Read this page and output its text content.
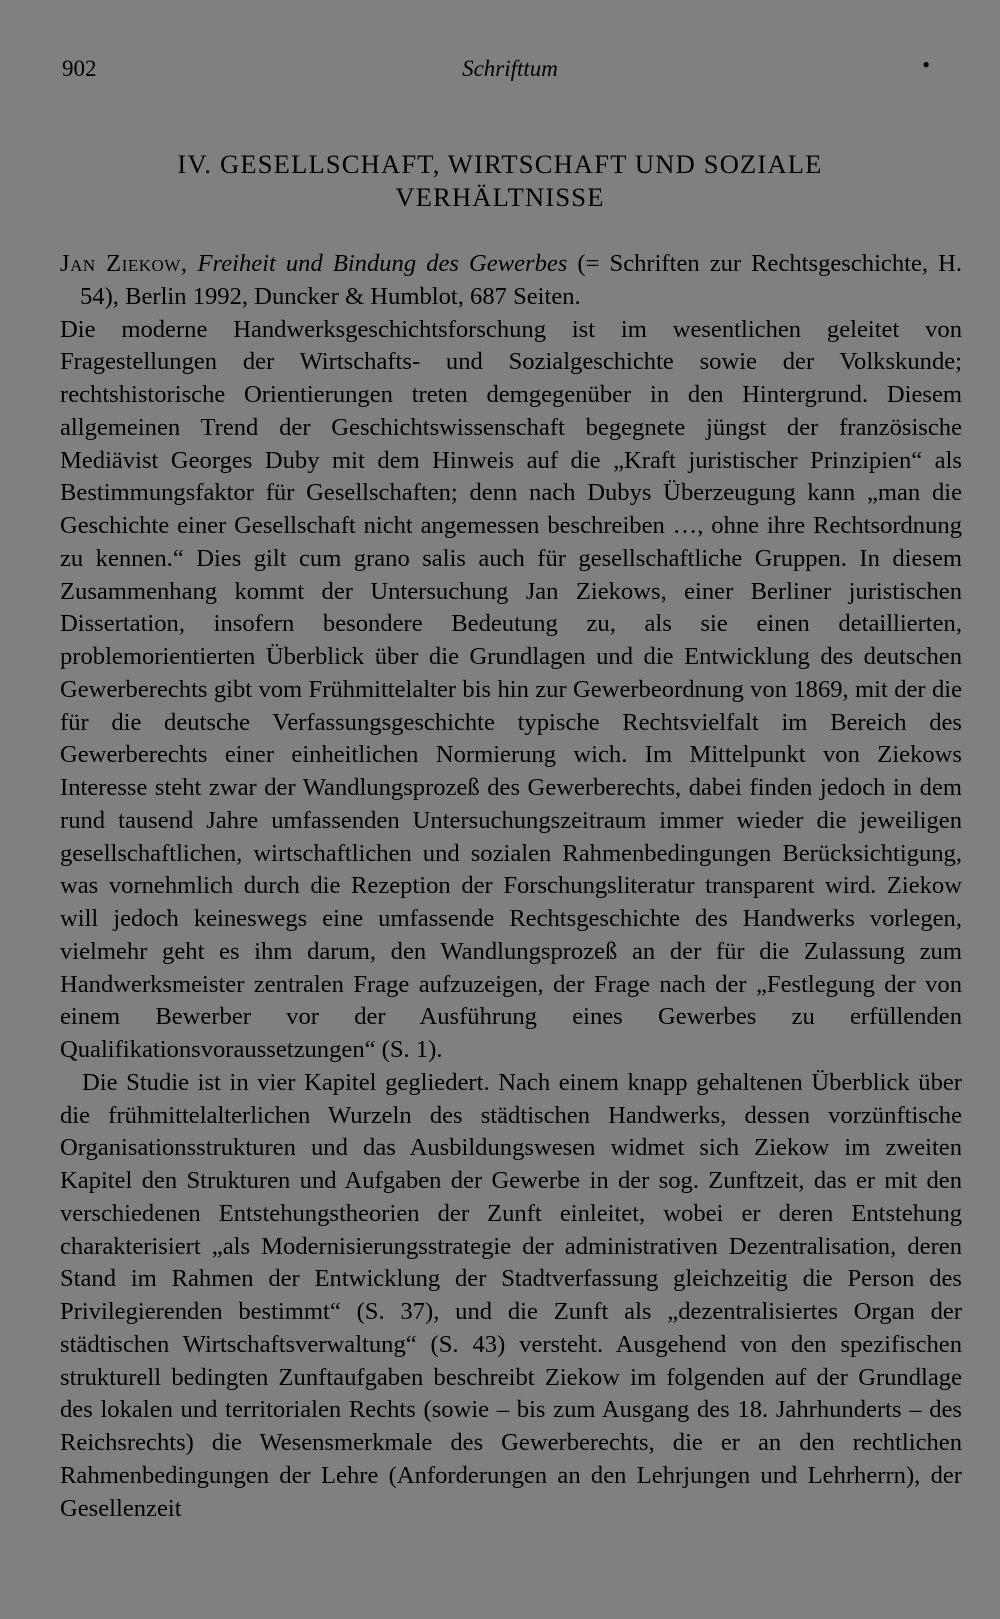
902	Schrifttum	•
IV. GESELLSCHAFT, WIRTSCHAFT UND SOZIALE
VERHÄLTNISSE

Jan Ziekow, Freiheit und Bindung des Gewerbes (= Schriften zur Rechtsgeschichte, H. 54), Berlin 1992, Duncker & Humblot, 687 Seiten.

Die moderne Handwerksgeschichtsforschung ist im wesentlichen geleitet von Fragestellungen der Wirtschafts- und Sozialgeschichte sowie der Volkskunde; rechtshistorische Orientierungen treten demgegenüber in den Hintergrund. Diesem allgemeinen Trend der Geschichtswissenschaft begegnete jüngst der französische Mediävist Georges Duby mit dem Hinweis auf die „Kraft juristischer Prinzipien“ als Bestimmungsfaktor für Gesellschaften; denn nach Dubys Überzeugung kann „man die Geschichte einer Gesellschaft nicht angemessen beschreiben …, ohne ihre Rechtsordnung zu kennen.“ Dies gilt cum grano salis auch für gesellschaftliche Gruppen. In diesem Zusammenhang kommt der Untersuchung Jan Ziekows, einer Berliner juristischen Dissertation, insofern besondere Bedeutung zu, als sie einen detaillierten, problemorientierten Überblick über die Grundlagen und die Entwicklung des deutschen Gewerberechts gibt vom Frühmittelalter bis hin zur Gewerbeordnung von 1869, mit der die für die deutsche Verfassungsgeschichte typische Rechtsvielfalt im Bereich des Gewerberechts einer einheitlichen Normierung wich. Im Mittelpunkt von Ziekows Interesse steht zwar der Wandlungsprozeß des Gewerberechts, dabei finden jedoch in dem rund tausend Jahre umfassenden Untersuchungszeitraum immer wieder die jeweiligen gesellschaftlichen, wirtschaftlichen und sozialen Rahmenbedingungen Berücksichtigung, was vornehmlich durch die Rezeption der Forschungsliteratur transparent wird. Ziekow will jedoch keineswegs eine umfassende Rechtsgeschichte des Handwerks vorlegen, vielmehr geht es ihm darum, den Wandlungsprozeß an der für die Zulassung zum Handwerksmeister zentralen Frage aufzuzeigen, der Frage nach der „Festlegung der von einem Bewerber vor der Ausführung eines Gewerbes zu erfüllenden Qualifikationsvoraussetzungen“ (S. 1).

Die Studie ist in vier Kapitel gegliedert. Nach einem knapp gehaltenen Überblick über die frühmittelalterlichen Wurzeln des städtischen Handwerks, dessen vorzünftische Organisationsstrukturen und das Ausbildungswesen widmet sich Ziekow im zweiten Kapitel den Strukturen und Aufgaben der Gewerbe in der sog. Zunftzeit, das er mit den verschiedenen Entstehungstheorien der Zunft einleitet, wobei er deren Entstehung charakterisiert „als Modernisierungsstrategie der administrativen Dezentralisation, deren Stand im Rahmen der Entwicklung der Stadtverfassung gleichzeitig die Person des Privilegierenden bestimmt“ (S. 37), und die Zunft als „dezentralisiertes Organ der städtischen Wirtschaftsverwaltung“ (S. 43) versteht. Ausgehend von den spezifischen strukturell bedingten Zunftaufgaben beschreibt Ziekow im folgenden auf der Grundlage des lokalen und territorialen Rechts (sowie – bis zum Ausgang des 18. Jahrhunderts – des Reichsrechts) die Wesensmerkmale des Gewerberechts, die er an den rechtlichen Rahmenbedingungen der Lehre (Anforderungen an den Lehrjungen und Lehrherrn), der Gesellenzeit
